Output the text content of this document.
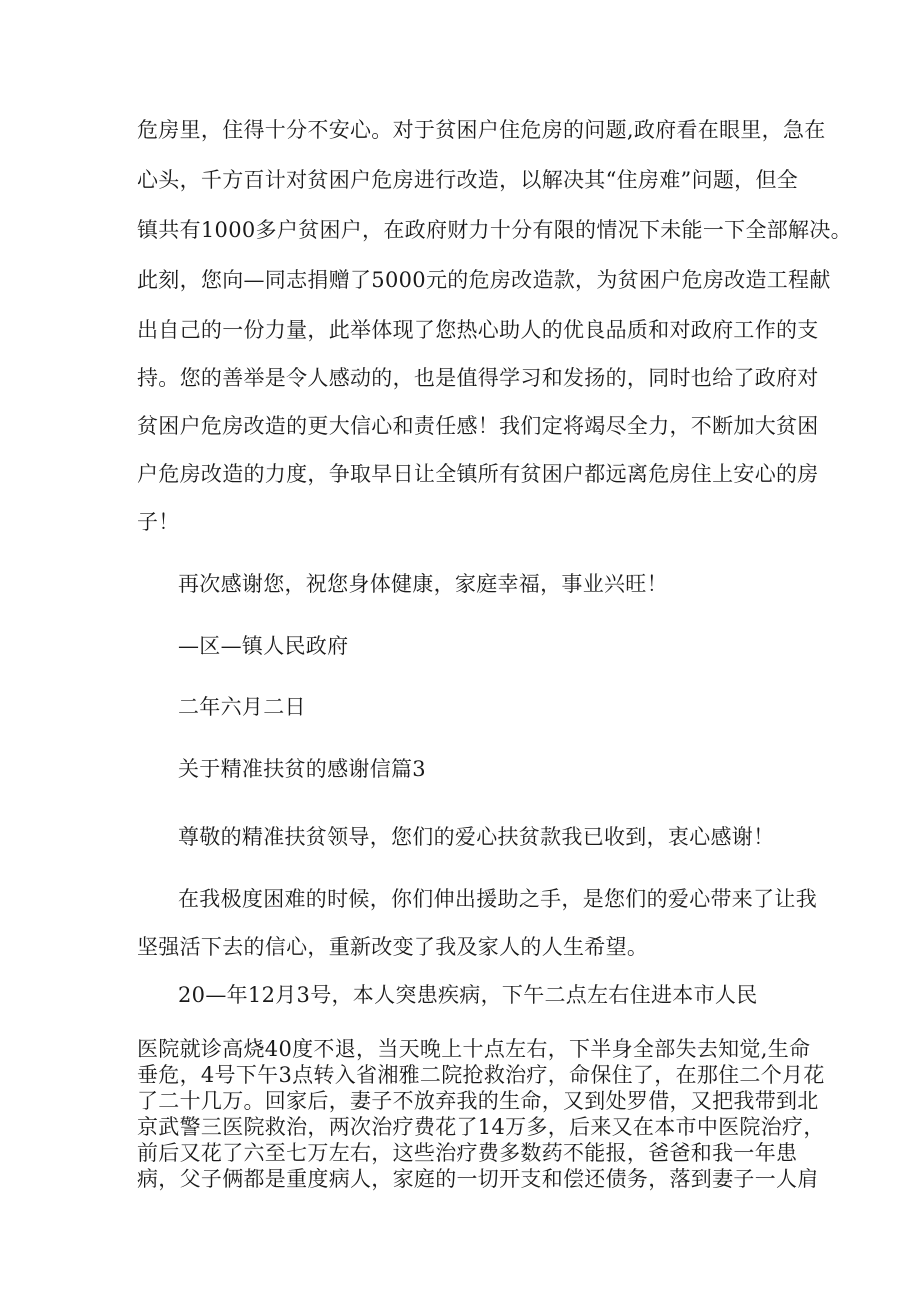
危房里，住得十分不安心。对于贫困户住危房的问题,政府看在眼里，急在
心头，千方百计对贫困户危房进行改造，以解决其“住房难”问题，但全
镇共有1000多户贫困户，在政府财力十分有限的情况下未能一下全部解决。
此刻，您向—同志捐赠了5000元的危房改造款，为贫困户危房改造工程献
出自己的一份力量，此举体现了您热心助人的优良品质和对政府工作的支
持。您的善举是令人感动的，也是值得学习和发扬的，同时也给了政府对
贫困户危房改造的更大信心和责任感！我们定将竭尽全力，不断加大贫困
户危房改造的力度，争取早日让全镇所有贫困户都远离危房住上安心的房
子！
再次感谢您，祝您身体健康，家庭幸福，事业兴旺！
—区—镇人民政府
二年六月二日
关于精准扶贫的感谢信篇3
尊敬的精准扶贫领导，您们的爱心扶贫款我已收到，衷心感谢！
在我极度困难的时候，你们伸出援助之手，是您们的爱心带来了让我
坚强活下去的信心，重新改变了我及家人的人生希望。
20—年12月3号，本人突患疾病，下午二点左右住进本市人民
医院就诊高烧40度不退，当天晚上十点左右，下半身全部失去知觉,生命
垂危，4号下午3点转入省湘雅二院抢救治疗，命保住了，在那住二个月花
了二十几万。回家后，妻子不放弃我的生命，又到处罗借，又把我带到北
京武警三医院救治，两次治疗费花了14万多，后来又在本市中医院治疗，
前后又花了六至七万左右，这些治疗费多数药不能报，爸爸和我一年患
病，父子俩都是重度病人，家庭的一切开支和偿还债务，落到妻子一人肩
